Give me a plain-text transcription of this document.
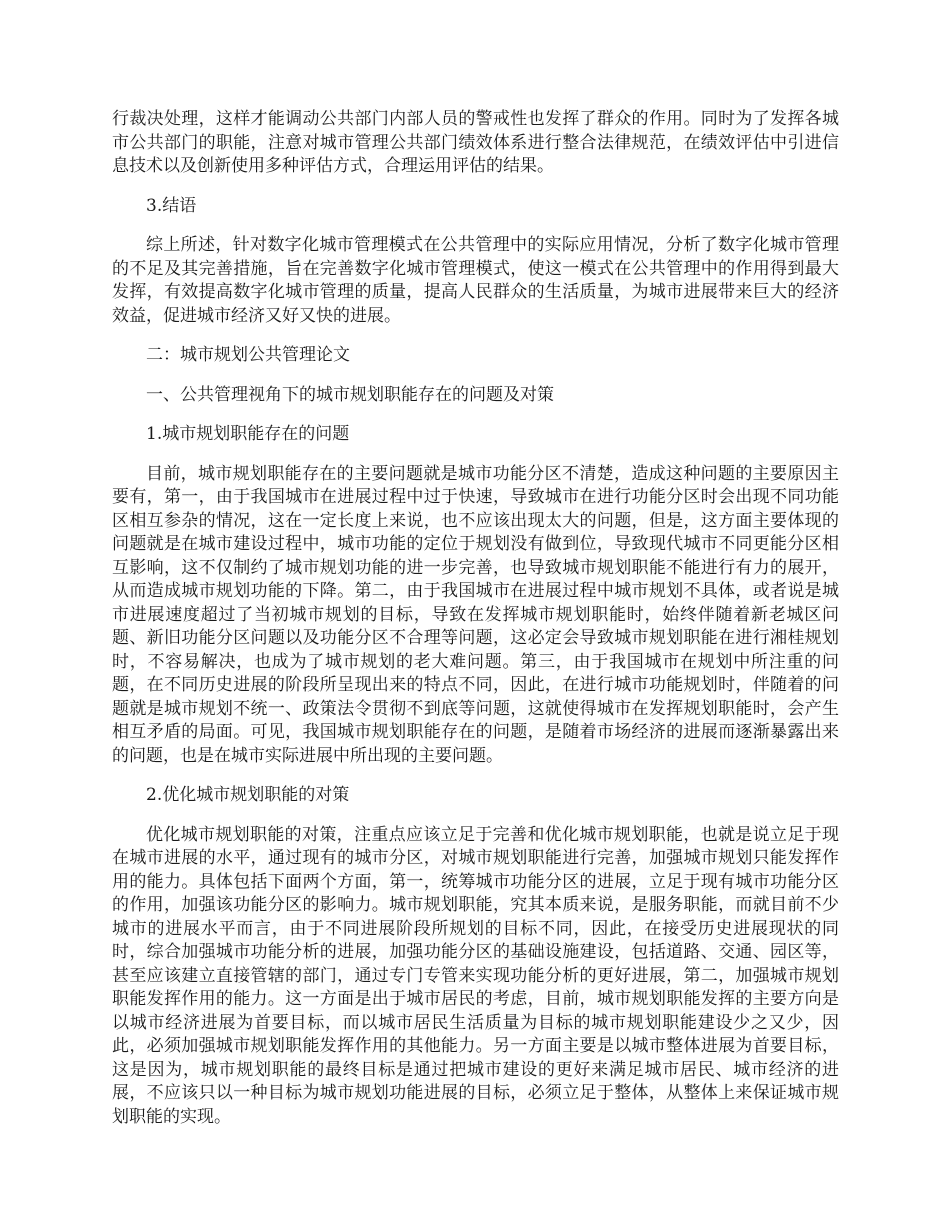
行裁决处理，这样才能调动公共部门内部人员的警戒性也发挥了群众的作用。同时为了发挥各城市公共部门的职能，注意对城市管理公共部门绩效体系进行整合法律规范，在绩效评估中引进信息技术以及创新使用多种评估方式，合理运用评估的结果。

3.结语

综上所述，针对数字化城市管理模式在公共管理中的实际应用情况，分析了数字化城市管理的不足及其完善措施，旨在完善数字化城市管理模式，使这一模式在公共管理中的作用得到最大发挥，有效提高数字化城市管理的质量，提高人民群众的生活质量，为城市进展带来巨大的经济效益，促进城市经济又好又快的进展。

二：城市规划公共管理论文

一、公共管理视角下的城市规划职能存在的问题及对策

1.城市规划职能存在的问题

目前，城市规划职能存在的主要问题就是城市功能分区不清楚，造成这种问题的主要原因主要有，第一，由于我国城市在进展过程中过于快速，导致城市在进行功能分区时会出现不同功能区相互参杂的情况，这在一定长度上来说，也不应该出现太大的问题，但是，这方面主要体现的问题就是在城市建设过程中，城市功能的定位于规划没有做到位，导致现代城市不同更能分区相互影响，这不仅制约了城市规划功能的进一步完善，也导致城市规划职能不能进行有力的展开，从而造成城市规划功能的下降。第二，由于我国城市在进展过程中城市规划不具体，或者说是城市进展速度超过了当初城市规划的目标，导致在发挥城市规划职能时，始终伴随着新老城区问题、新旧功能分区问题以及功能分区不合理等问题，这必定会导致城市规划职能在进行湘桂规划时，不容易解决，也成为了城市规划的老大难问题。第三，由于我国城市在规划中所注重的问题，在不同历史进展的阶段所呈现出来的特点不同，因此，在进行城市功能规划时，伴随着的问题就是城市规划不统一、政策法令贯彻不到底等问题，这就使得城市在发挥规划职能时，会产生相互矛盾的局面。可见，我国城市规划职能存在的问题，是随着市场经济的进展而逐渐暴露出来的问题，也是在城市实际进展中所出现的主要问题。

2.优化城市规划职能的对策

优化城市规划职能的对策，注重点应该立足于完善和优化城市规划职能，也就是说立足于现在城市进展的水平，通过现有的城市分区，对城市规划职能进行完善，加强城市规划只能发挥作用的能力。具体包括下面两个方面，第一，统筹城市功能分区的进展，立足于现有城市功能分区的作用，加强该功能分区的影响力。城市规划职能，究其本质来说，是服务职能，而就目前不少城市的进展水平而言，由于不同进展阶段所规划的目标不同，因此，在接受历史进展现状的同时，综合加强城市功能分析的进展，加强功能分区的基础设施建设，包括道路、交通、园区等，甚至应该建立直接管辖的部门，通过专门专管来实现功能分析的更好进展，第二，加强城市规划职能发挥作用的能力。这一方面是出于城市居民的考虑，目前，城市规划职能发挥的主要方向是以城市经济进展为首要目标，而以城市居民生活质量为目标的城市规划职能建设少之又少，因此，必须加强城市规划职能发挥作用的其他能力。另一方面主要是以城市整体进展为首要目标，这是因为，城市规划职能的最终目标是通过把城市建设的更好来满足城市居民、城市经济的进展，不应该只以一种目标为城市规划功能进展的目标，必须立足于整体，从整体上来保证城市规划职能的实现。
